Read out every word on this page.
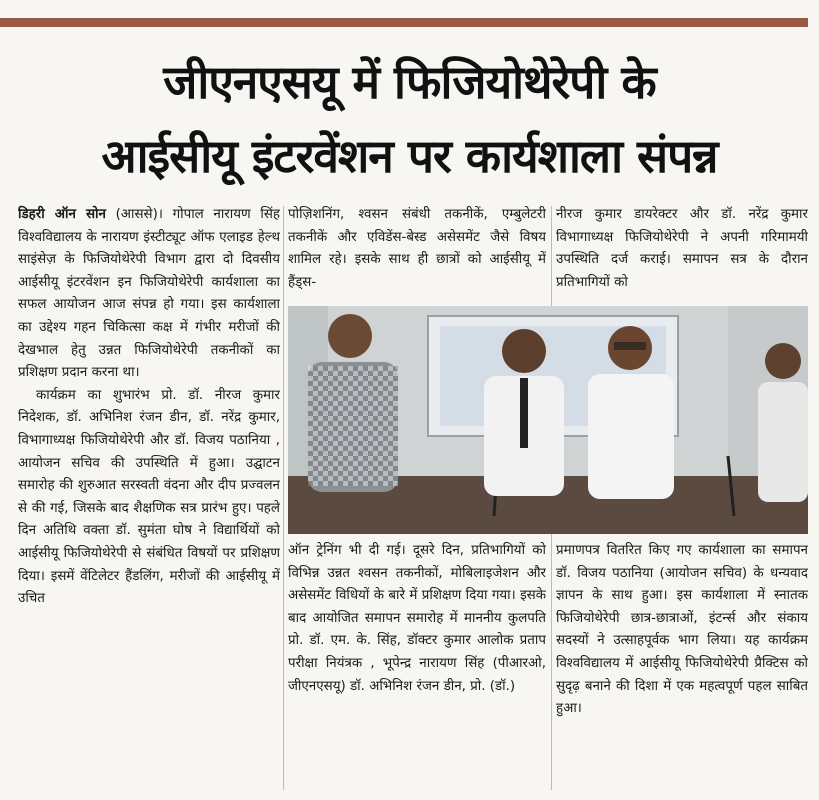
जीएनएसयू में फिजियोथेरेपी के
आईसीयू इंटरवेंशन पर कार्यशाला संपन्न

डिहरी ऑन सोन (आससे)। गोपाल नारायण सिंह विश्वविद्यालय के नारायण इंस्टीट्यूट ऑफ एलाइड हेल्थ साइंसेज़ के फिजियोथेरेपी विभाग द्वारा दो दिवसीय आईसीयू इंटरवेंशन इन फिजियोथेरेपी कार्यशाला का सफल आयोजन आज संपन्न हो गया। इस कार्यशाला का उद्देश्य गहन चिकित्सा कक्ष में गंभीर मरीजों की देखभाल हेतु उन्नत फिजियोथेरेपी तकनीकों का प्रशिक्षण प्रदान करना था।

कार्यक्रम का शुभारंभ प्रो. डॉ. नीरज कुमार निदेशक, डॉ. अभिनिश रंजन डीन, डॉ. नरेंद्र कुमार, विभागाध्यक्ष फिजियोथेरेपी और डॉ. विजय पठानिया , आयोजन सचिव की उपस्थिति में हुआ। उद्घाटन समारोह की शुरुआत सरस्वती वंदना और दीप प्रज्वलन से की गई, जिसके बाद शैक्षणिक सत्र प्रारंभ हुए। पहले दिन अतिथि वक्ता डॉ. सुमंता घोष ने विद्यार्थियों को आईसीयू फिजियोथेरेपी से संबंधित विषयों पर प्रशिक्षण दिया। इसमें वेंटिलेटर हैंडलिंग, मरीजों की आईसीयू में उचित

पोज़िशनिंग, श्वसन संबंधी तकनीकें, एम्बुलेटरी तकनीकें और एविडेंस-बेस्ड असेसमेंट जैसे विषय शामिल रहे। इसके साथ ही छात्रों को आईसीयू में हैंड्स-

नीरज कुमार डायरेक्टर और डॉ. नरेंद्र कुमार विभागाध्यक्ष फिजियोथेरेपी ने अपनी गरिमामयी उपस्थिति दर्ज कराई। समापन सत्र के दौरान प्रतिभागियों को

ऑन ट्रेनिंग भी दी गई। दूसरे दिन, प्रतिभागियों को विभिन्न उन्नत श्वसन तकनीकों, मोबिलाइजेशन और असेसमेंट विधियों के बारे में प्रशिक्षण दिया गया। इसके बाद आयोजित समापन समारोह में माननीय कुलपति प्रो. डॉ. एम. के. सिंह, डॉक्टर कुमार आलोक प्रताप परीक्षा नियंत्रक , भूपेन्द्र नारायण सिंह (पीआरओ, जीएनएसयू) डॉ. अभिनिश रंजन डीन, प्रो. (डॉ.)

प्रमाणपत्र वितरित किए गए कार्यशाला का समापन डॉ. विजय पठानिया (आयोजन सचिव) के धन्यवाद ज्ञापन के साथ हुआ। इस कार्यशाला में स्नातक फिजियोथेरेपी छात्र-छात्राओं, इंटर्न्स और संकाय सदस्यों ने उत्साहपूर्वक भाग लिया। यह कार्यक्रम विश्वविद्यालय में आईसीयू फिजियोथेरेपी प्रैक्टिस को सुदृढ़ बनाने की दिशा में एक महत्वपूर्ण पहल साबित हुआ।
